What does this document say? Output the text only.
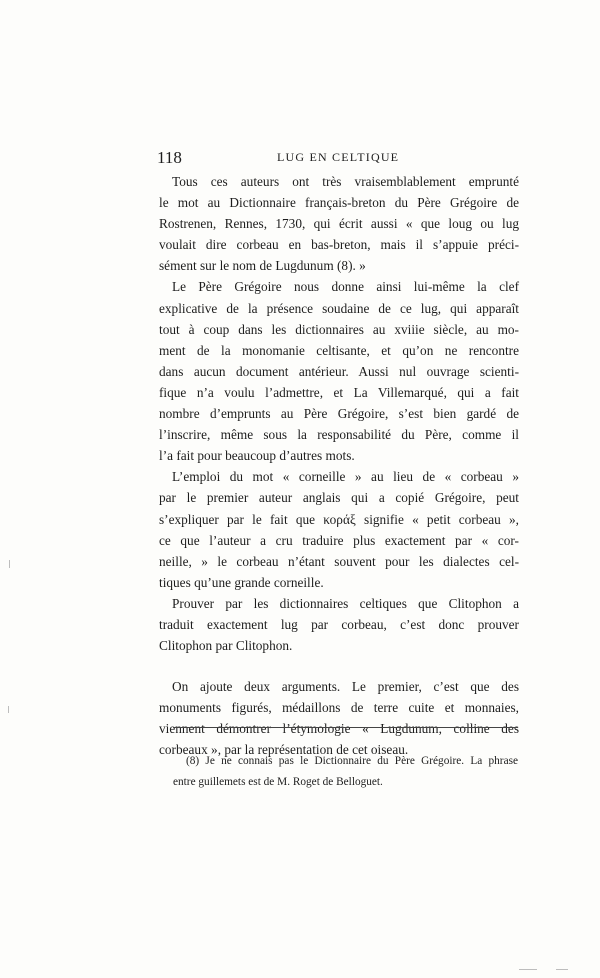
118	LUG EN CELTIQUE
Tous ces auteurs ont très vraisemblablement emprunté
le mot au Dictionnaire français-breton du Père Grégoire de
Rostrenen, Rennes, 1730, qui écrit aussi « que loug ou lug
voulait dire corbeau en bas-breton, mais il s’appuie préci-
sément sur le nom de Lugdunum (8). »
Le Père Grégoire nous donne ainsi lui-même la clef
explicative de la présence soudaine de ce lug, qui apparaît
tout à coup dans les dictionnaires au xviiie siècle, au mo-
ment de la monomanie celtisante, et qu’on ne rencontre
dans aucun document antérieur. Aussi nul ouvrage scienti-
fique n’a voulu l’admettre, et La Villemarqué, qui a fait
nombre d’emprunts au Père Grégoire, s’est bien gardé de
l’inscrire, même sous la responsabilité du Père, comme il
l’a fait pour beaucoup d’autres mots.
L’emploi du mot « corneille » au lieu de « corbeau »
par le premier auteur anglais qui a copié Grégoire, peut
s’expliquer par le fait que κοράξ signifie « petit corbeau »,
ce que l’auteur a cru traduire plus exactement par « cor-
neille, » le corbeau n’étant souvent pour les dialectes cel-
tiques qu’une grande corneille.
Prouver par les dictionnaires celtiques que Clitophon a
traduit exactement lug par corbeau, c’est donc prouver
Clitophon par Clitophon.
On ajoute deux arguments. Le premier, c’est que des
monuments figurés, médaillons de terre cuite et monnaies,
viennent démontrer l’étymologie « Lugdunum, colline des
corbeaux », par la représentation de cet oiseau.
(8) Je ne connais pas le Dictionnaire du Père Grégoire. La phrase
entre guillemets est de M. Roget de Belloguet.
